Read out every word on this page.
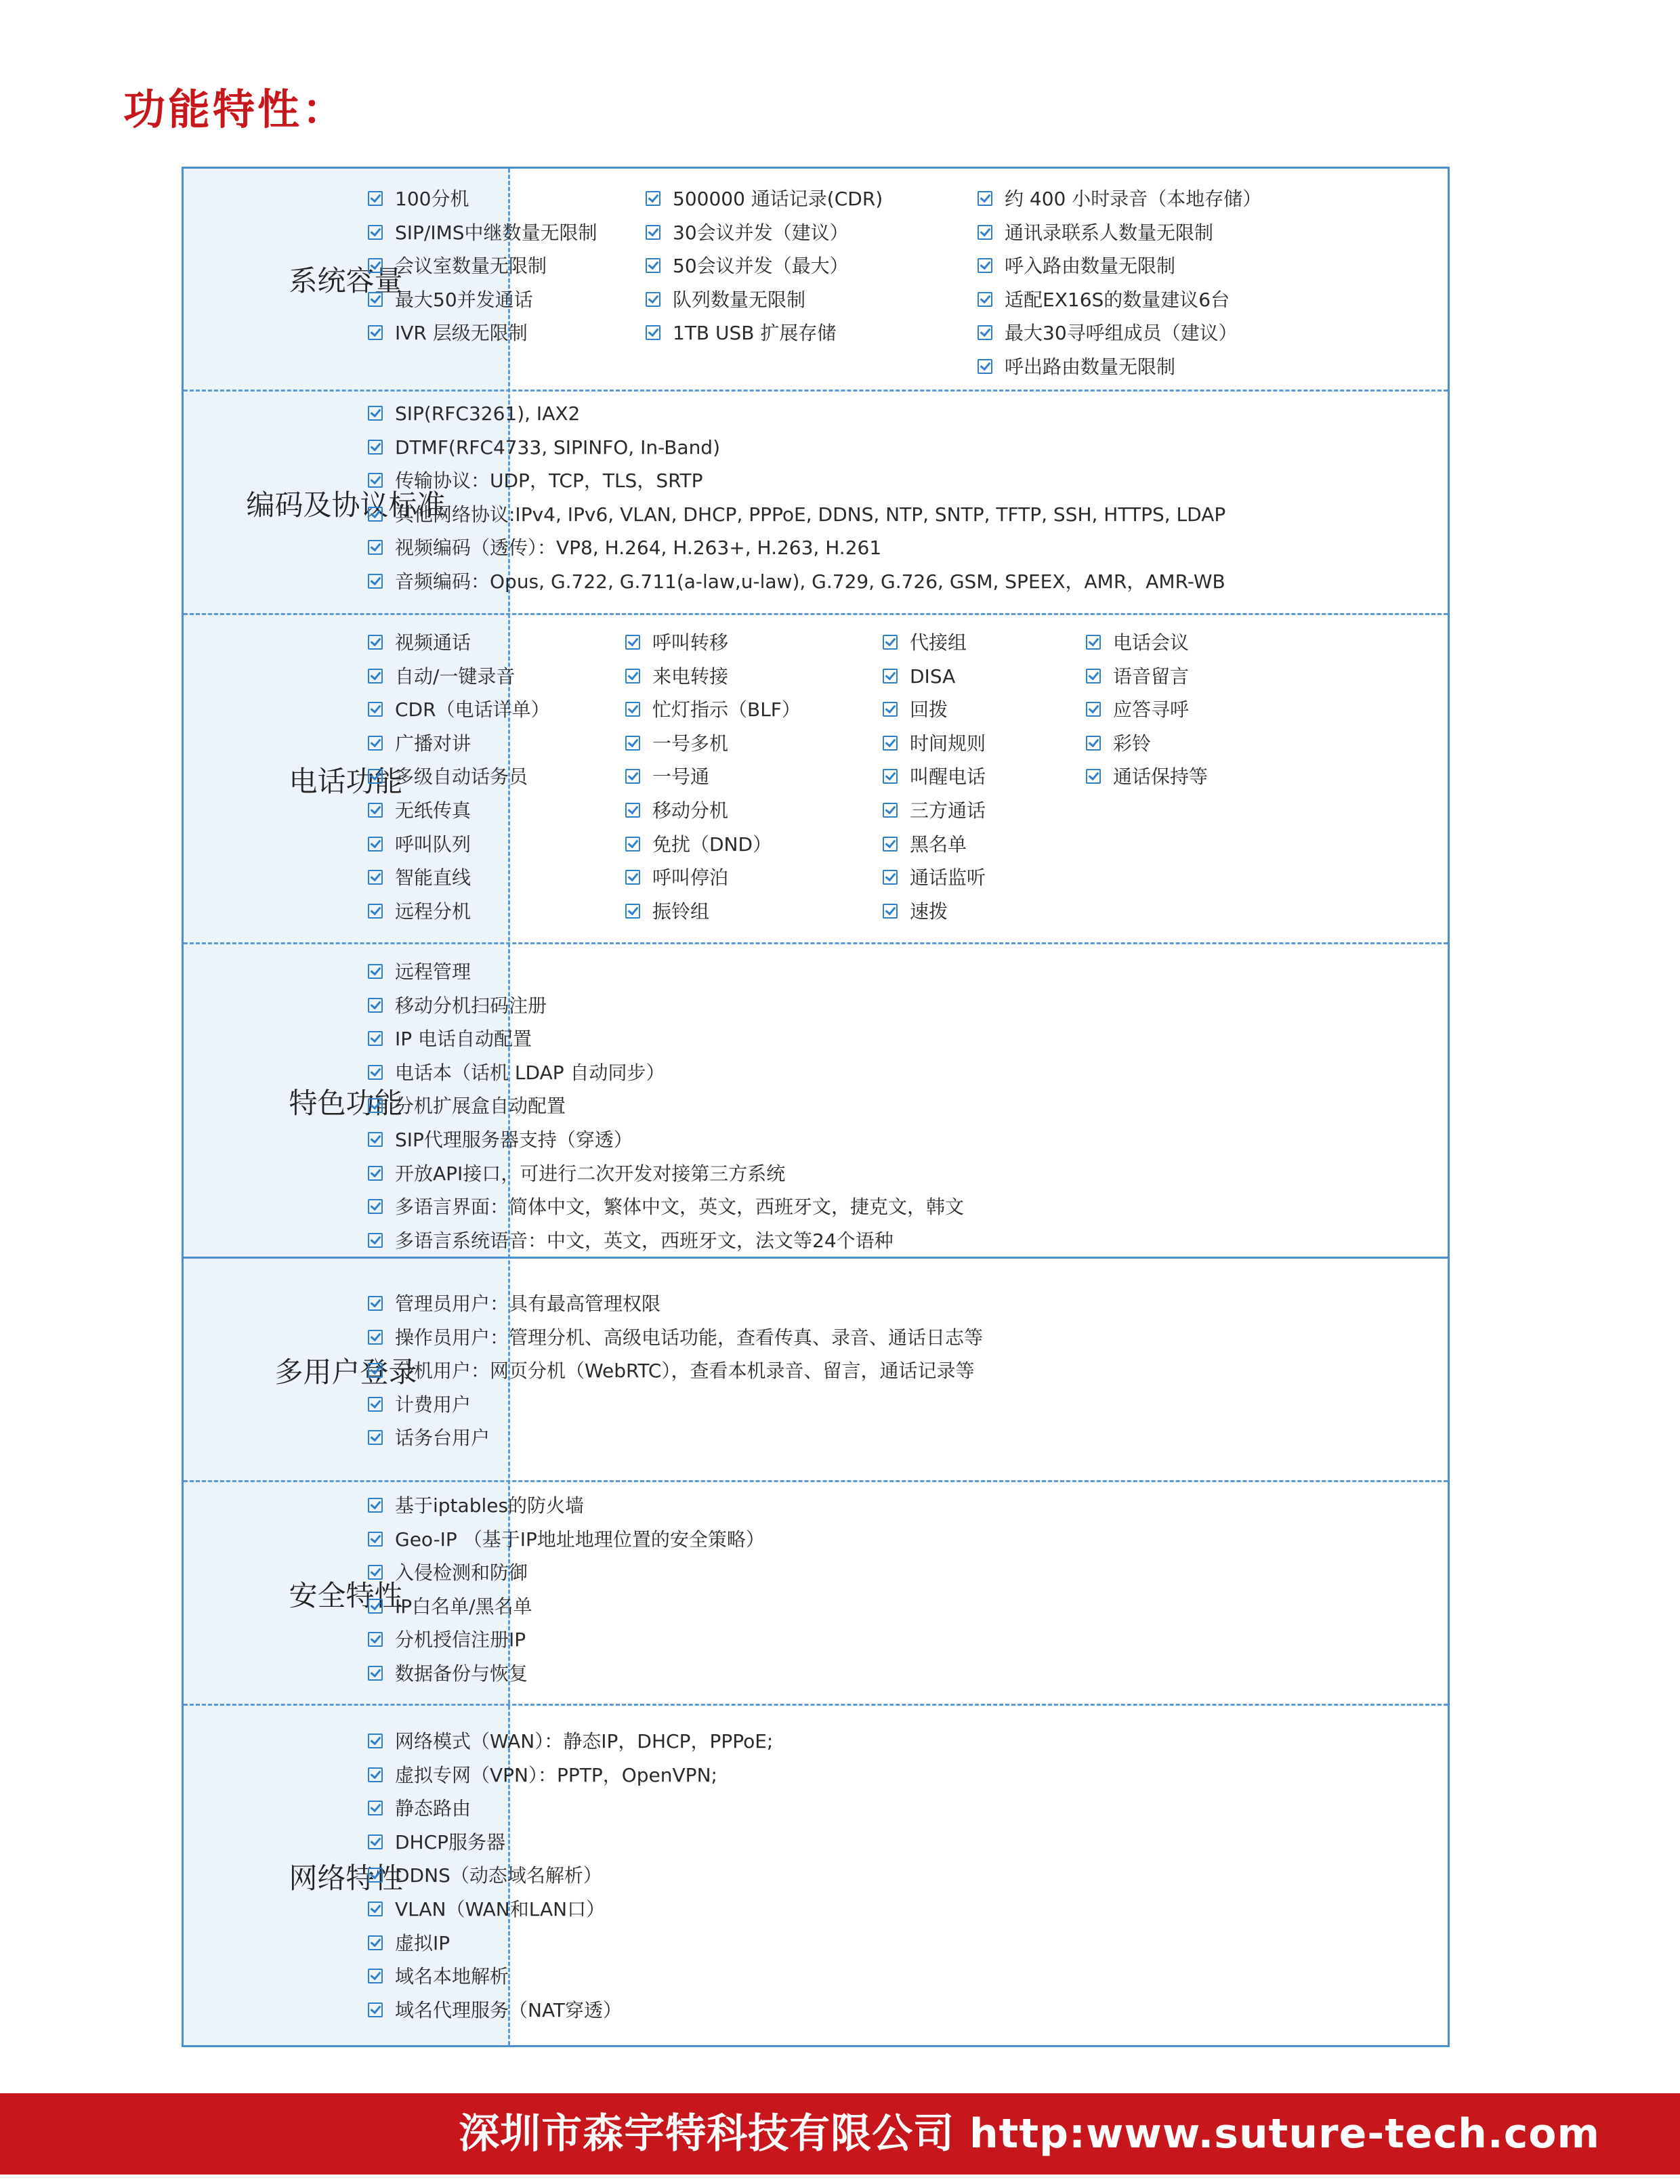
功能特性：
系统容量
100分机
SIP/IMS中继数量无限制
会议室数量无限制
最大50并发通话
IVR 层级无限制
500000 通话记录(CDR)
30会议并发（建议）
50会议并发（最大）
队列数量无限制
1TB USB 扩展存储
约 400 小时录音（本地存储）
通讯录联系人数量无限制
呼入路由数量无限制
适配EX16S的数量建议6台
最大30寻呼组成员（建议）
呼出路由数量无限制
编码及协议标准
SIP(RFC3261), IAX2
DTMF(RFC4733, SIPINFO, In-Band)
传输协议：UDP，TCP，TLS，SRTP
其他网络协议:IPv4, IPv6, VLAN, DHCP, PPPoE, DDNS, NTP, SNTP, TFTP, SSH, HTTPS, LDAP
视频编码（透传）：VP8, H.264, H.263+, H.263, H.261
音频编码：Opus, G.722, G.711(a-law,u-law), G.729, G.726, GSM, SPEEX，AMR，AMR-WB
电话功能
视频通话
自动/一键录音
CDR（电话详单）
广播对讲
多级自动话务员
无纸传真
呼叫队列
智能直线
远程分机
呼叫转移
来电转接
忙灯指示（BLF）
一号多机
一号通
移动分机
免扰（DND）
呼叫停泊
振铃组
代接组
DISA
回拨
时间规则
叫醒电话
三方通话
黑名单
通话监听
速拨
电话会议
语音留言
应答寻呼
彩铃
通话保持等
特色功能
远程管理
移动分机扫码注册
IP 电话自动配置
电话本（话机 LDAP 自动同步）
分机扩展盒自动配置
SIP代理服务器支持（穿透）
开放API接口，可进行二次开发对接第三方系统
多语言界面：简体中文，繁体中文，英文，西班牙文，捷克文，韩文
多语言系统语音：中文，英文，西班牙文，法文等24个语种
多用户登录
管理员用户：具有最高管理权限
操作员用户：管理分机、高级电话功能，查看传真、录音、通话日志等
分机用户：网页分机（WebRTC），查看本机录音、留言，通话记录等
计费用户
话务台用户
安全特性
基于iptables的防火墙
Geo-IP （基于IP地址地理位置的安全策略）
入侵检测和防御
IP白名单/黑名单
分机授信注册IP
数据备份与恢复
网络特性
网络模式（WAN）：静态IP，DHCP，PPPoE;
虚拟专网（VPN）：PPTP，OpenVPN;
静态路由
DHCP服务器
DDNS（动态域名解析）
VLAN（WAN和LAN口）
虚拟IP
域名本地解析
域名代理服务（NAT穿透）
深圳市森宇特科技有限公司 http:www.suture-tech.com
